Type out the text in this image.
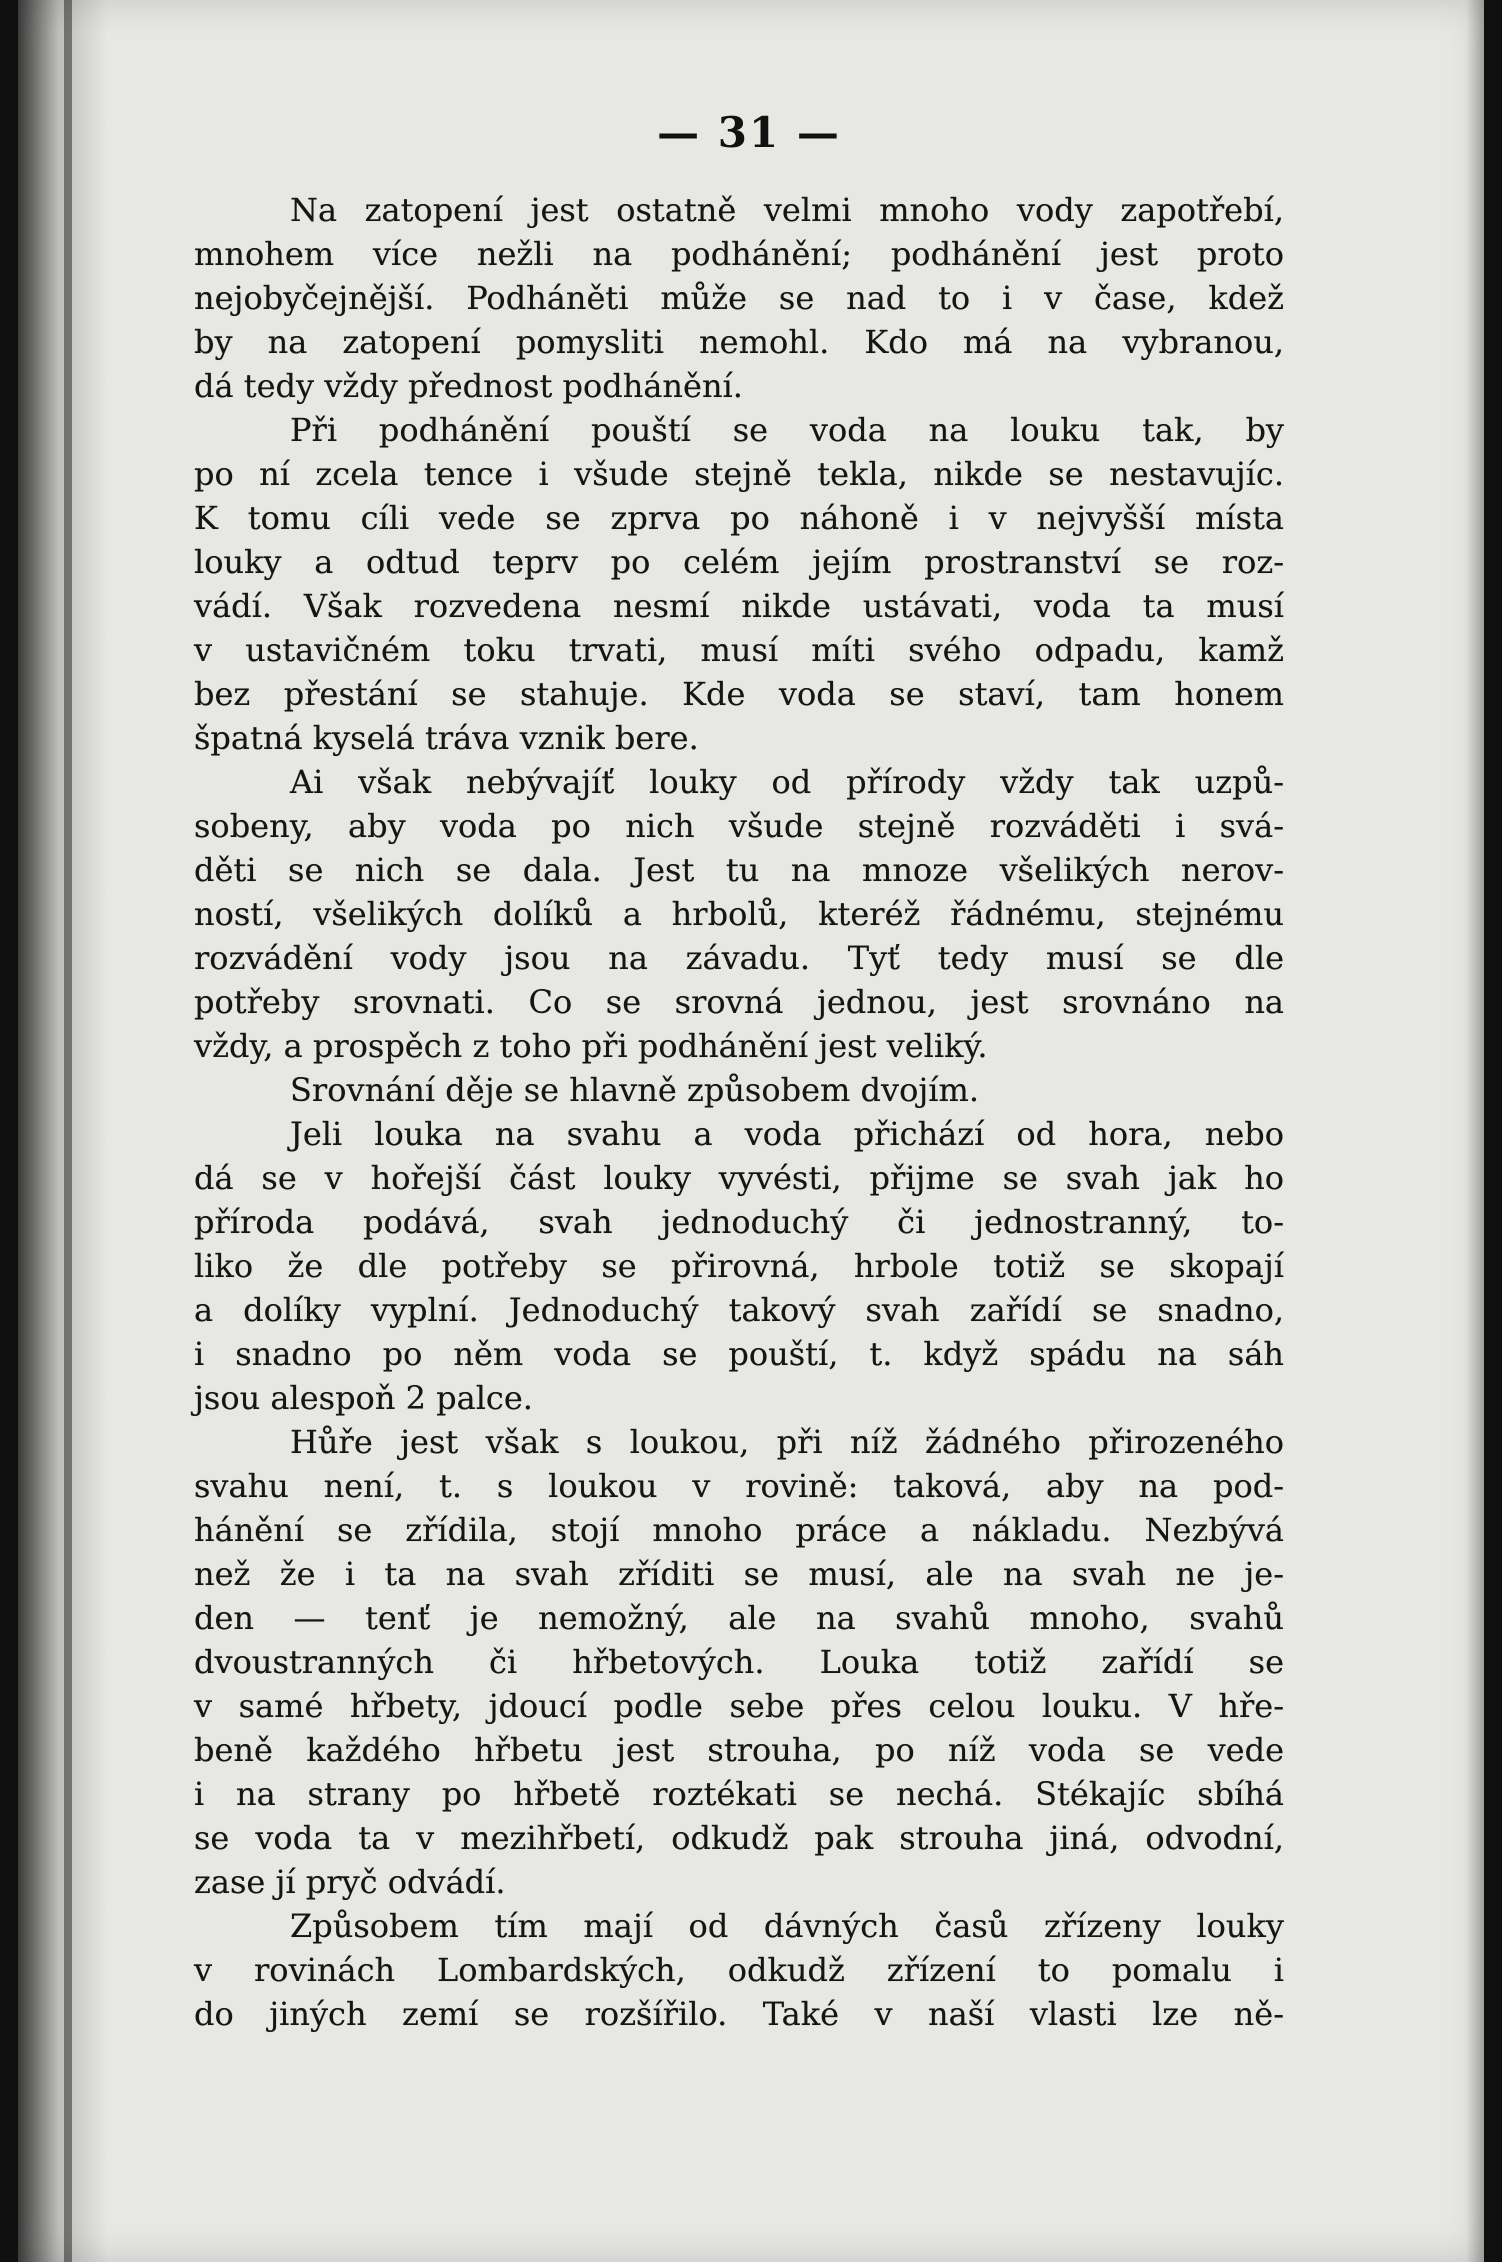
— 31 —
Na zatopení jest ostatně velmi mnoho vody zapotřebí,
mnohem více nežli na podhánění; podhánění jest proto
nejobyčejnější. Podháněti může se nad to i v čase, kdež
by na zatopení pomysliti nemohl. Kdo má na vybranou,
dá tedy vždy přednost podhánění.
Při podhánění pouští se voda na louku tak, by
po ní zcela tence i všude stejně tekla, nikde se nestavujíc.
K tomu cíli vede se zprva po náhoně i v nejvyšší místa
louky a odtud teprv po celém jejím prostranství se roz-
vádí. Však rozvedena nesmí nikde ustávati, voda ta musí
v ustavičném toku trvati, musí míti svého odpadu, kamž
bez přestání se stahuje. Kde voda se staví, tam honem
špatná kyselá tráva vznik bere.
Ai však nebývajíť louky od přírody vždy tak uzpů-
sobeny, aby voda po nich všude stejně rozváděti i svá-
děti se nich se dala. Jest tu na mnoze všelikých nerov-
ností, všelikých dolíků a hrbolů, kteréž řádnému, stejnému
rozvádění vody jsou na závadu. Tyť tedy musí se dle
potřeby srovnati. Co se srovná jednou, jest srovnáno na
vždy, a prospěch z toho při podhánění jest veliký.
Srovnání děje se hlavně způsobem dvojím.
Jeli louka na svahu a voda přichází od hora, nebo
dá se v hořejší část louky vyvésti, přijme se svah jak ho
příroda podává, svah jednoduchý či jednostranný, to-
liko že dle potřeby se přirovná, hrbole totiž se skopají
a dolíky vyplní. Jednoduchý takový svah zařídí se snadno,
i snadno po něm voda se pouští, t. když spádu na sáh
jsou alespoň 2 palce.
Hůře jest však s loukou, při níž žádného přirozeného
svahu není, t. s loukou v rovině: taková, aby na pod-
hánění se zřídila, stojí mnoho práce a nákladu. Nezbývá
než že i ta na svah zříditi se musí, ale na svah ne je-
den — tenť je nemožný, ale na svahů mnoho, svahů
dvoustranných či hřbetových. Louka totiž zařídí se
v samé hřbety, jdoucí podle sebe přes celou louku. V hře-
beně každého hřbetu jest strouha, po níž voda se vede
i na strany po hřbetě roztékati se nechá. Stékajíc sbíhá
se voda ta v mezihřbetí, odkudž pak strouha jiná, odvodní,
zase jí pryč odvádí.
Způsobem tím mají od dávných časů zřízeny louky
v rovinách Lombardských, odkudž zřízení to pomalu i
do jiných zemí se rozšířilo. Také v naší vlasti lze ně-
